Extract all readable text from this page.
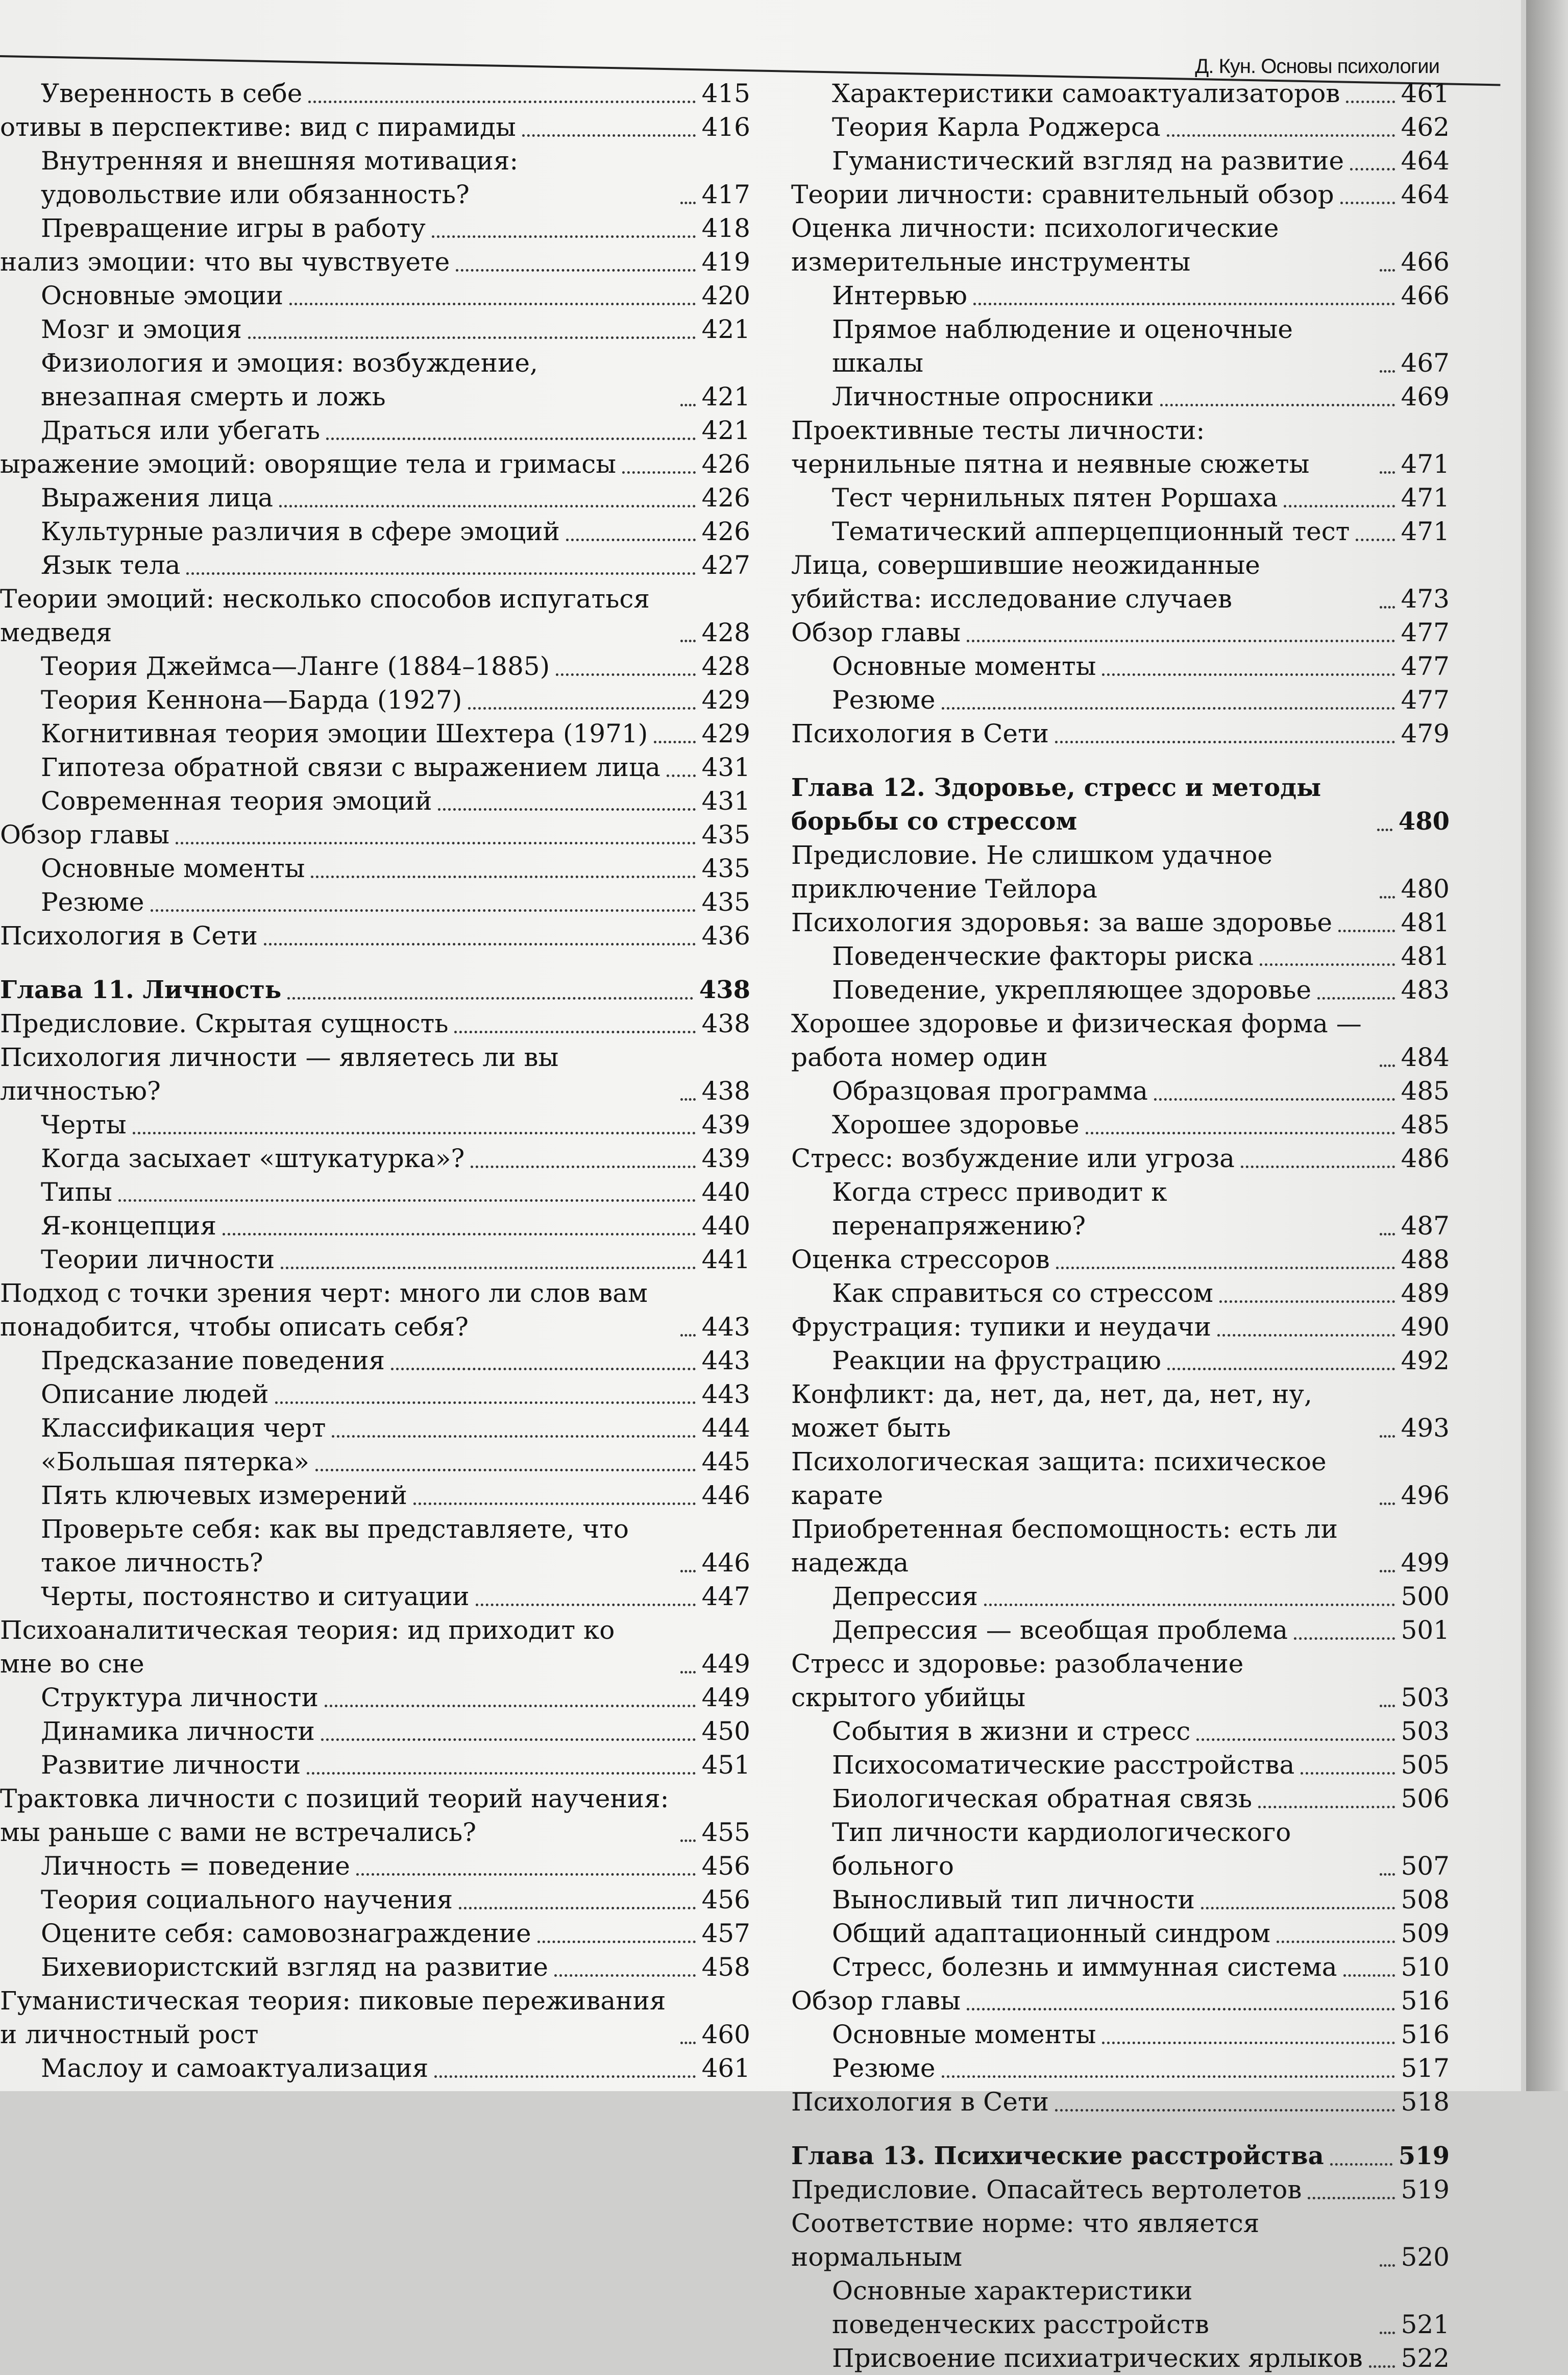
Д. Кун. Основы психологии
Уверенность в себе	415
отивы в перспективе: вид с пирамиды	416
Внутренняя и внешняя мотивация: удовольствие или обязанность?	417
Превращение игры в работу	418
нализ эмоции: что вы чувствуете	419
Основные эмоции	420
Мозг и эмоция	421
Физиология и эмоция: возбуждение, внезапная смерть и ложь	421
Драться или убегать	421
ыражение эмоций: оворящие тела и гримасы	426
Выражения лица	426
Культурные различия в сфере эмоций	426
Язык тела	427
Теории эмоций: несколько способов испугаться медведя	428
Теория Джеймса—Ланге (1884–1885)	428
Теория Кеннона—Барда (1927)	429
Когнитивная теория эмоции Шехтера (1971) 429
Гипотеза обратной связи с выражением лица 431
Современная теория эмоций	431
Обзор главы	435
Основные моменты	435
Резюме	435
Психология в Сети	436
Глава 11. Личность	438
Предисловие. Скрытая сущность	438
Психология личности — являетесь ли вы личностью?	438
Черты	439
Когда засыхает «штукатурка»?	439
Типы	440
Я-концепция	440
Теории личности	441
Подход с точки зрения черт: много ли слов вам понадобится, чтобы описать себя?	443
Предсказание поведения	443
Описание людей	443
Классификация черт	444
«Большая пятерка»	445
Пять ключевых измерений	446
Проверьте себя: как вы представляете, что такое личность?	446
Черты, постоянство и ситуации	447
Психоаналитическая теория: ид приходит ко мне во сне	449
Структура личности	449
Динамика личности	450
Развитие личности	451
Трактовка личности с позиций теорий научения: мы раньше с вами не встречались?	455
Личность = поведение	456
Теория социального научения	456
Оцените себя: самовознаграждение	457
Бихевиористский взгляд на развитие	458
Гуманистическая теория: пиковые переживания и личностный рост	460
Маслоу и самоактуализация	461
Характеристики самоактуализаторов 461
Теория Карла Роджерса	462
Гуманистический взгляд на развитие 464
Теории личности: сравнительный обзор	464
Оценка личности: психологические измерительные инструменты	466
Интервью	466
Прямое наблюдение и оценочные шкалы	467
Личностные опросники	469
Проективные тесты личности: чернильные пятна и неявные сюжеты	471
Тест чернильных пятен Роршаха	471
Тематический апперцепционный тест 471
Лица, совершившие неожиданные убийства: исследование случаев	473
Обзор главы	477
Основные моменты	477
Резюме	477
Психология в Сети	479
Глава 12. Здоровье, стресс и методы борьбы со стрессом	480
Предисловие. Не слишком удачное приключение Тейлора	480
Психология здоровья: за ваше здоровье	481
Поведенческие факторы риска	481
Поведение, укрепляющее здоровье	483
Хорошее здоровье и физическая форма — работа номер один	484
Образцовая программа	485
Хорошее здоровье	485
Стресс: возбуждение или угроза	486
Когда стресс приводит к перенапряжению?	487
Оценка стрессоров	488
Как справиться со стрессом	489
Фрустрация: тупики и неудачи	490
Реакции на фрустрацию	492
Конфликт: да, нет, да, нет, да, нет, ну, может быть	493
Психологическая защита: психическое карате	496
Приобретенная беспомощность: есть ли надежда	499
Депрессия	500
Депрессия — всеобщая проблема	501
Стресс и здоровье: разоблачение скрытого убийцы	503
События в жизни и стресс	503
Психосоматические расстройства	505
Биологическая обратная связь	506
Тип личности кардиологического больного	507
Выносливый тип личности	508
Общий адаптационный синдром	509
Стресс, болезнь и иммунная система	510
Обзор главы	516
Основные моменты	516
Резюме	517
Психология в Сети	518
Глава 13. Психические расстройства	519
Предисловие. Опасайтесь вертолетов	519
Соответствие норме: что является нормальным	520
Основные характеристики поведенческих расстройств	521
Присвоение психиатрических ярлыков 522
